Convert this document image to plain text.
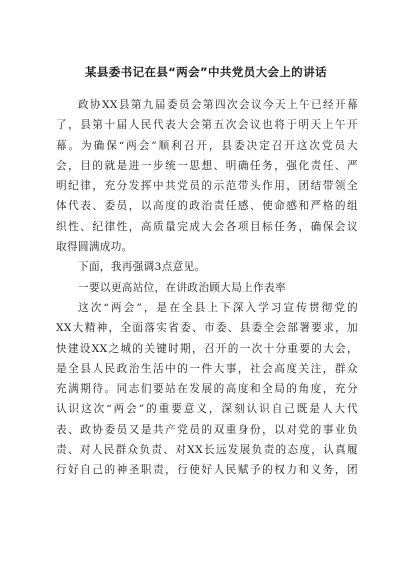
某县委书记在县“两会”中共党员大会上的讲话
政协XX县第九届委员会第四次会议今天上午已经开幕
了，县第十届人民代表大会第五次会议也将于明天上午开
幕。为确保“两会”顺利召开，县委决定召开这次党员大
会，目的就是进一步统一思想、明确任务，强化责任、严
明纪律，充分发挥中共党员的示范带头作用，团结带领全
体代表、委员，以高度的政治责任感、使命感和严格的组
织性、纪律性，高质量完成大会各项目标任务，确保会议
取得圆满成功。
下面，我再强调3点意见。
一要以更高站位，在讲政治顾大局上作表率
这次“两会”，是在全县上下深入学习宣传贯彻党的
XX大精神，全面落实省委、市委、县委全会部署要求，加
快建设XX之城的关键时期，召开的一次十分重要的大会，
是全县人民政治生活中的一件大事，社会高度关注，群众
充满期待。同志们要站在发展的高度和全局的角度，充分
认识这次“两会”的重要意义，深刻认识自己既是人大代
表、政协委员又是共产党员的双重身份，以对党的事业负
责、对人民群众负责、对XX长远发展负责的态度，认真履
行好自己的神圣职责，行使好人民赋予的权力和义务，团
